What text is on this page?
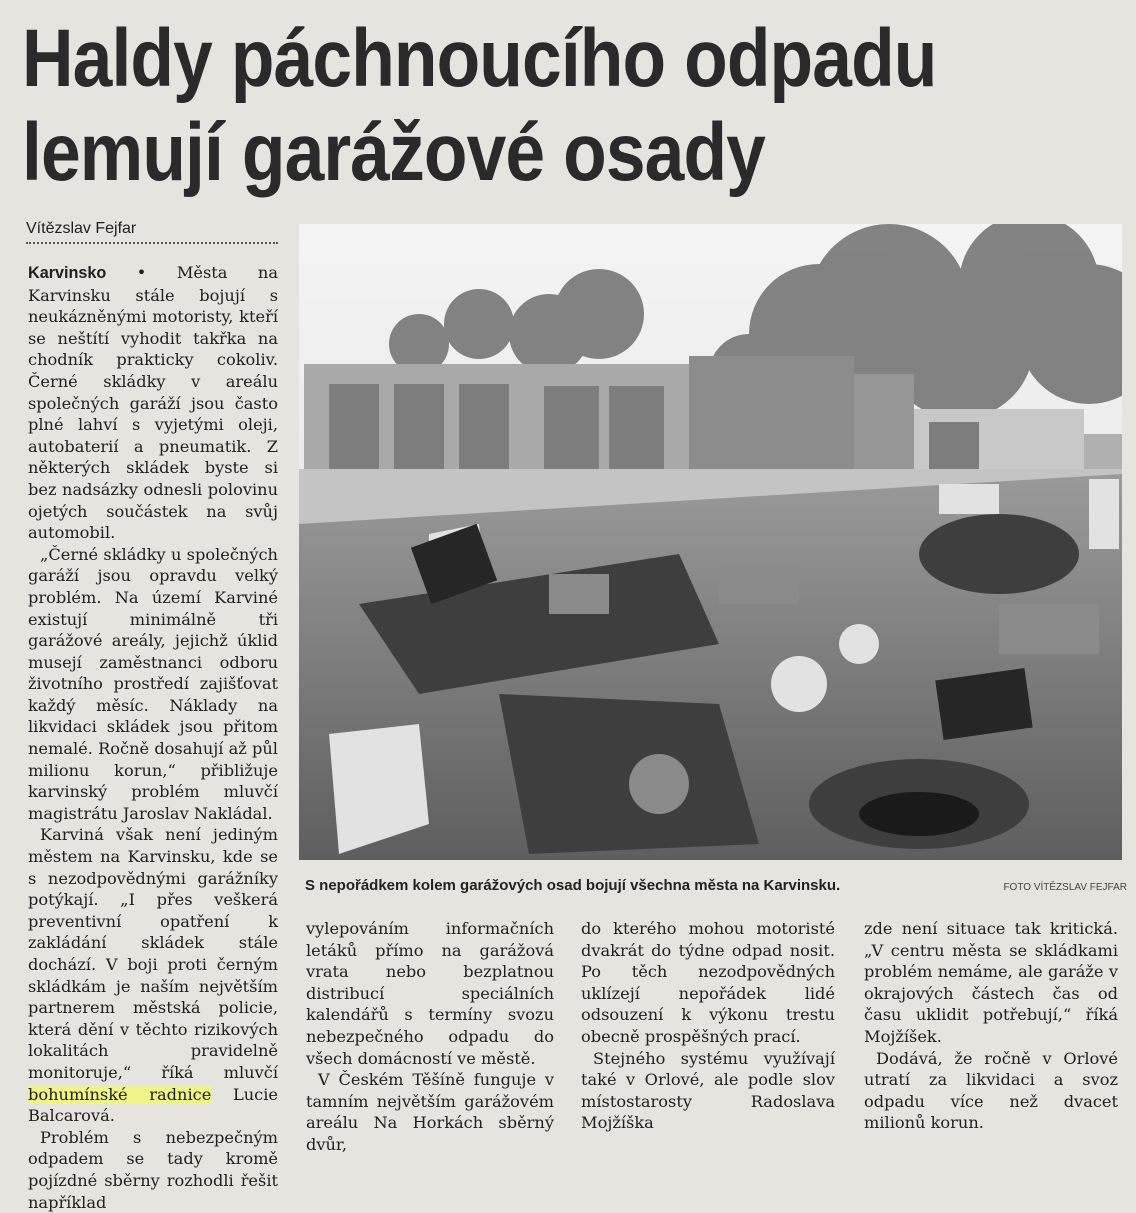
Haldy páchnoucího odpadu
lemují garážové osady
Vítězslav Fejfar

Karvinsko • Města na Karvinsku stále bojují s neukázněnými motoristy, kteří se neštítí vyhodit takřka na chodník prakticky cokoliv. Černé skládky v areálu společných garáží jsou často plné lahví s vyjetými oleji, autobaterií a pneumatik. Z některých skládek byste si bez nadsázky odnesli polovinu ojetých součástek na svůj automobil.

„Černé skládky u společných garáží jsou opravdu velký problém. Na území Karviné existují minimálně tři garážové areály, jejichž úklid musejí zaměstnanci odboru životního prostředí zajišťovat každý měsíc. Náklady na likvidaci skládek jsou přitom nemalé. Ročně dosahují až půl milionu korun,“ přibližuje karvinský problém mluvčí magistrátu Jaroslav Nakládal.

Karviná však není jediným městem na Karvinsku, kde se s nezodpovědnými garážníky potýkají. „I přes veškerá preventivní opatření k zakládání skládek stále dochází. V boji proti černým skládkám je naším největším partnerem městská policie, která dění v těchto rizikových lokalitách pravidelně monitoruje,“ říká mluvčí bohumínské radnice Lucie Balcarová.

Problém s nebezpečným odpadem se tady kromě pojízdné sběrny rozhodli řešit například

S nepořádkem kolem garážových osad bojují všechna města na Karvinsku.	FOTO VÍTĚZSLAV FEJFAR

vylepováním informačních letáků přímo na garážová vrata nebo bezplatnou distribucí speciálních kalendářů s termíny svozu nebezpečného odpadu do všech domácností ve městě.

V Českém Těšíně funguje v tamním největším garážovém areálu Na Horkách sběrný dvůr,

do kterého mohou motoristé dvakrát do týdne odpad nosit. Po těch nezodpovědných uklízejí nepořádek lidé odsouzení k výkonu trestu obecně prospěšných prací.

Stejného systému využívají také v Orlové, ale podle slov místostarosty Radoslava Mojžíška

zde není situace tak kritická. „V centru města se skládkami problém nemáme, ale garáže v okrajových částech čas od času uklidit potřebují,“ říká Mojžíšek.

Dodává, že ročně v Orlové utratí za likvidaci a svoz odpadu více než dvacet milionů korun.
